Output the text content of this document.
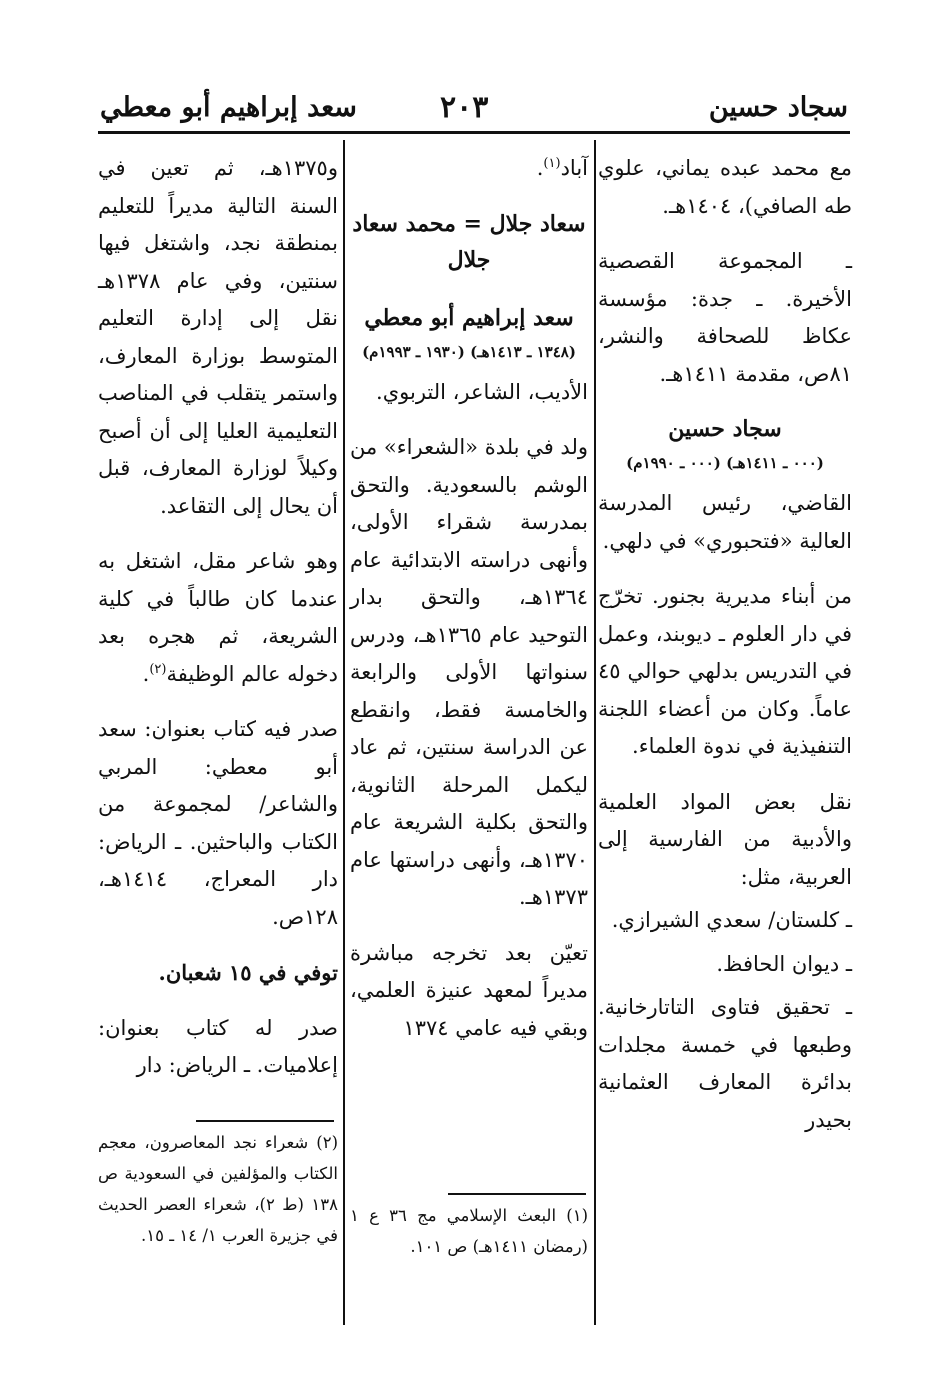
سجاد حسين
٢٠٣
سعد إبراهيم أبو معطي

مع محمد عبده يماني، علوي طه الصافي)، ١٤٠٤هـ.

ـ المجموعة القصصية الأخيرة. ـ جدة: مؤسسة عكاظ للصحافة والنشر، ٨١ص، مقدمة ١٤١١هـ.

سجاد حسين
(٠٠٠ ـ ١٤١١هـ) (٠٠٠ ـ ١٩٩٠م)

القاضي، رئيس المدرسة العالية «فتحبوري» في دلهي.

من أبناء مديرية بجنور. تخرّج في دار العلوم ـ ديوبند، وعمل في التدريس بدلهي حوالي ٤٥ عاماً. وكان من أعضاء اللجنة التنفيذية في ندوة العلماء.

نقل بعض المواد العلمية والأدبية من الفارسية إلى العربية، مثل:

ـ كلستان/ سعدي الشيرازي.

ـ ديوان الحافظ.

ـ تحقيق فتاوى التاتارخانية. وطبعها في خمسة مجلدات بدائرة المعارف العثمانية بحيدر

آباد$^{(١)}$.

سعاد جلال = محمد سعاد جلال
سعد إبراهيم أبو معطي
(١٣٤٨ ـ ١٤١٣هـ) (١٩٣٠ ـ ١٩٩٣م)

الأديب، الشاعر، التربوي.

ولد في بلدة «الشعراء» من الوشم بالسعودية. والتحق بمدرسة شقراء الأولى، وأنهى دراسته الابتدائية عام ١٣٦٤هـ، والتحق بدار التوحيد عام ١٣٦٥هـ، ودرس سنواتها الأولى والرابعة والخامسة فقط، وانقطع عن الدراسة سنتين، ثم عاد ليكمل المرحلة الثانوية، والتحق بكلية الشريعة عام ١٣٧٠هـ، وأنهى دراستها عام ١٣٧٣هـ.

تعيّن بعد تخرجه مباشرة مديراً لمعهد عنيزة العلمي، وبقي فيه عامي ١٣٧٤

و١٣٧٥هـ، ثم تعين في السنة التالية مديراً للتعليم بمنطقة نجد، واشتغل فيها سنتين، وفي عام ١٣٧٨هـ نقل إلى إدارة التعليم المتوسط بوزارة المعارف، واستمر يتقلب في المناصب التعليمية العليا إلى أن أصبح وكيلاً لوزارة المعارف، قبل أن يحال إلى التقاعد.

وهو شاعر مقل، اشتغل به عندما كان طالباً في كلية الشريعة، ثم هجره بعد دخوله عالم الوظيفة$^{(٢)}$.

صدر فيه كتاب بعنوان: سعد أبو معطي: المربي والشاعر/ لمجموعة من الكتاب والباحثين. ـ الرياض: دار المعراج، ١٤١٤هـ، ١٢٨ص.

توفي في ١٥ شعبان.

صدر له كتاب بعنوان: إعلاميات. ـ الرياض: دار

(١) البعث الإسلامي مج ٣٦ ع ١ (رمضان ١٤١١هـ) ص ١٠١.
(٢) شعراء نجد المعاصرون، معجم الكتاب والمؤلفين في السعودية ص ١٣٨ (ط ٢)، شعراء العصر الحديث في جزيرة العرب ١/ ١٤ ـ ١٥.
